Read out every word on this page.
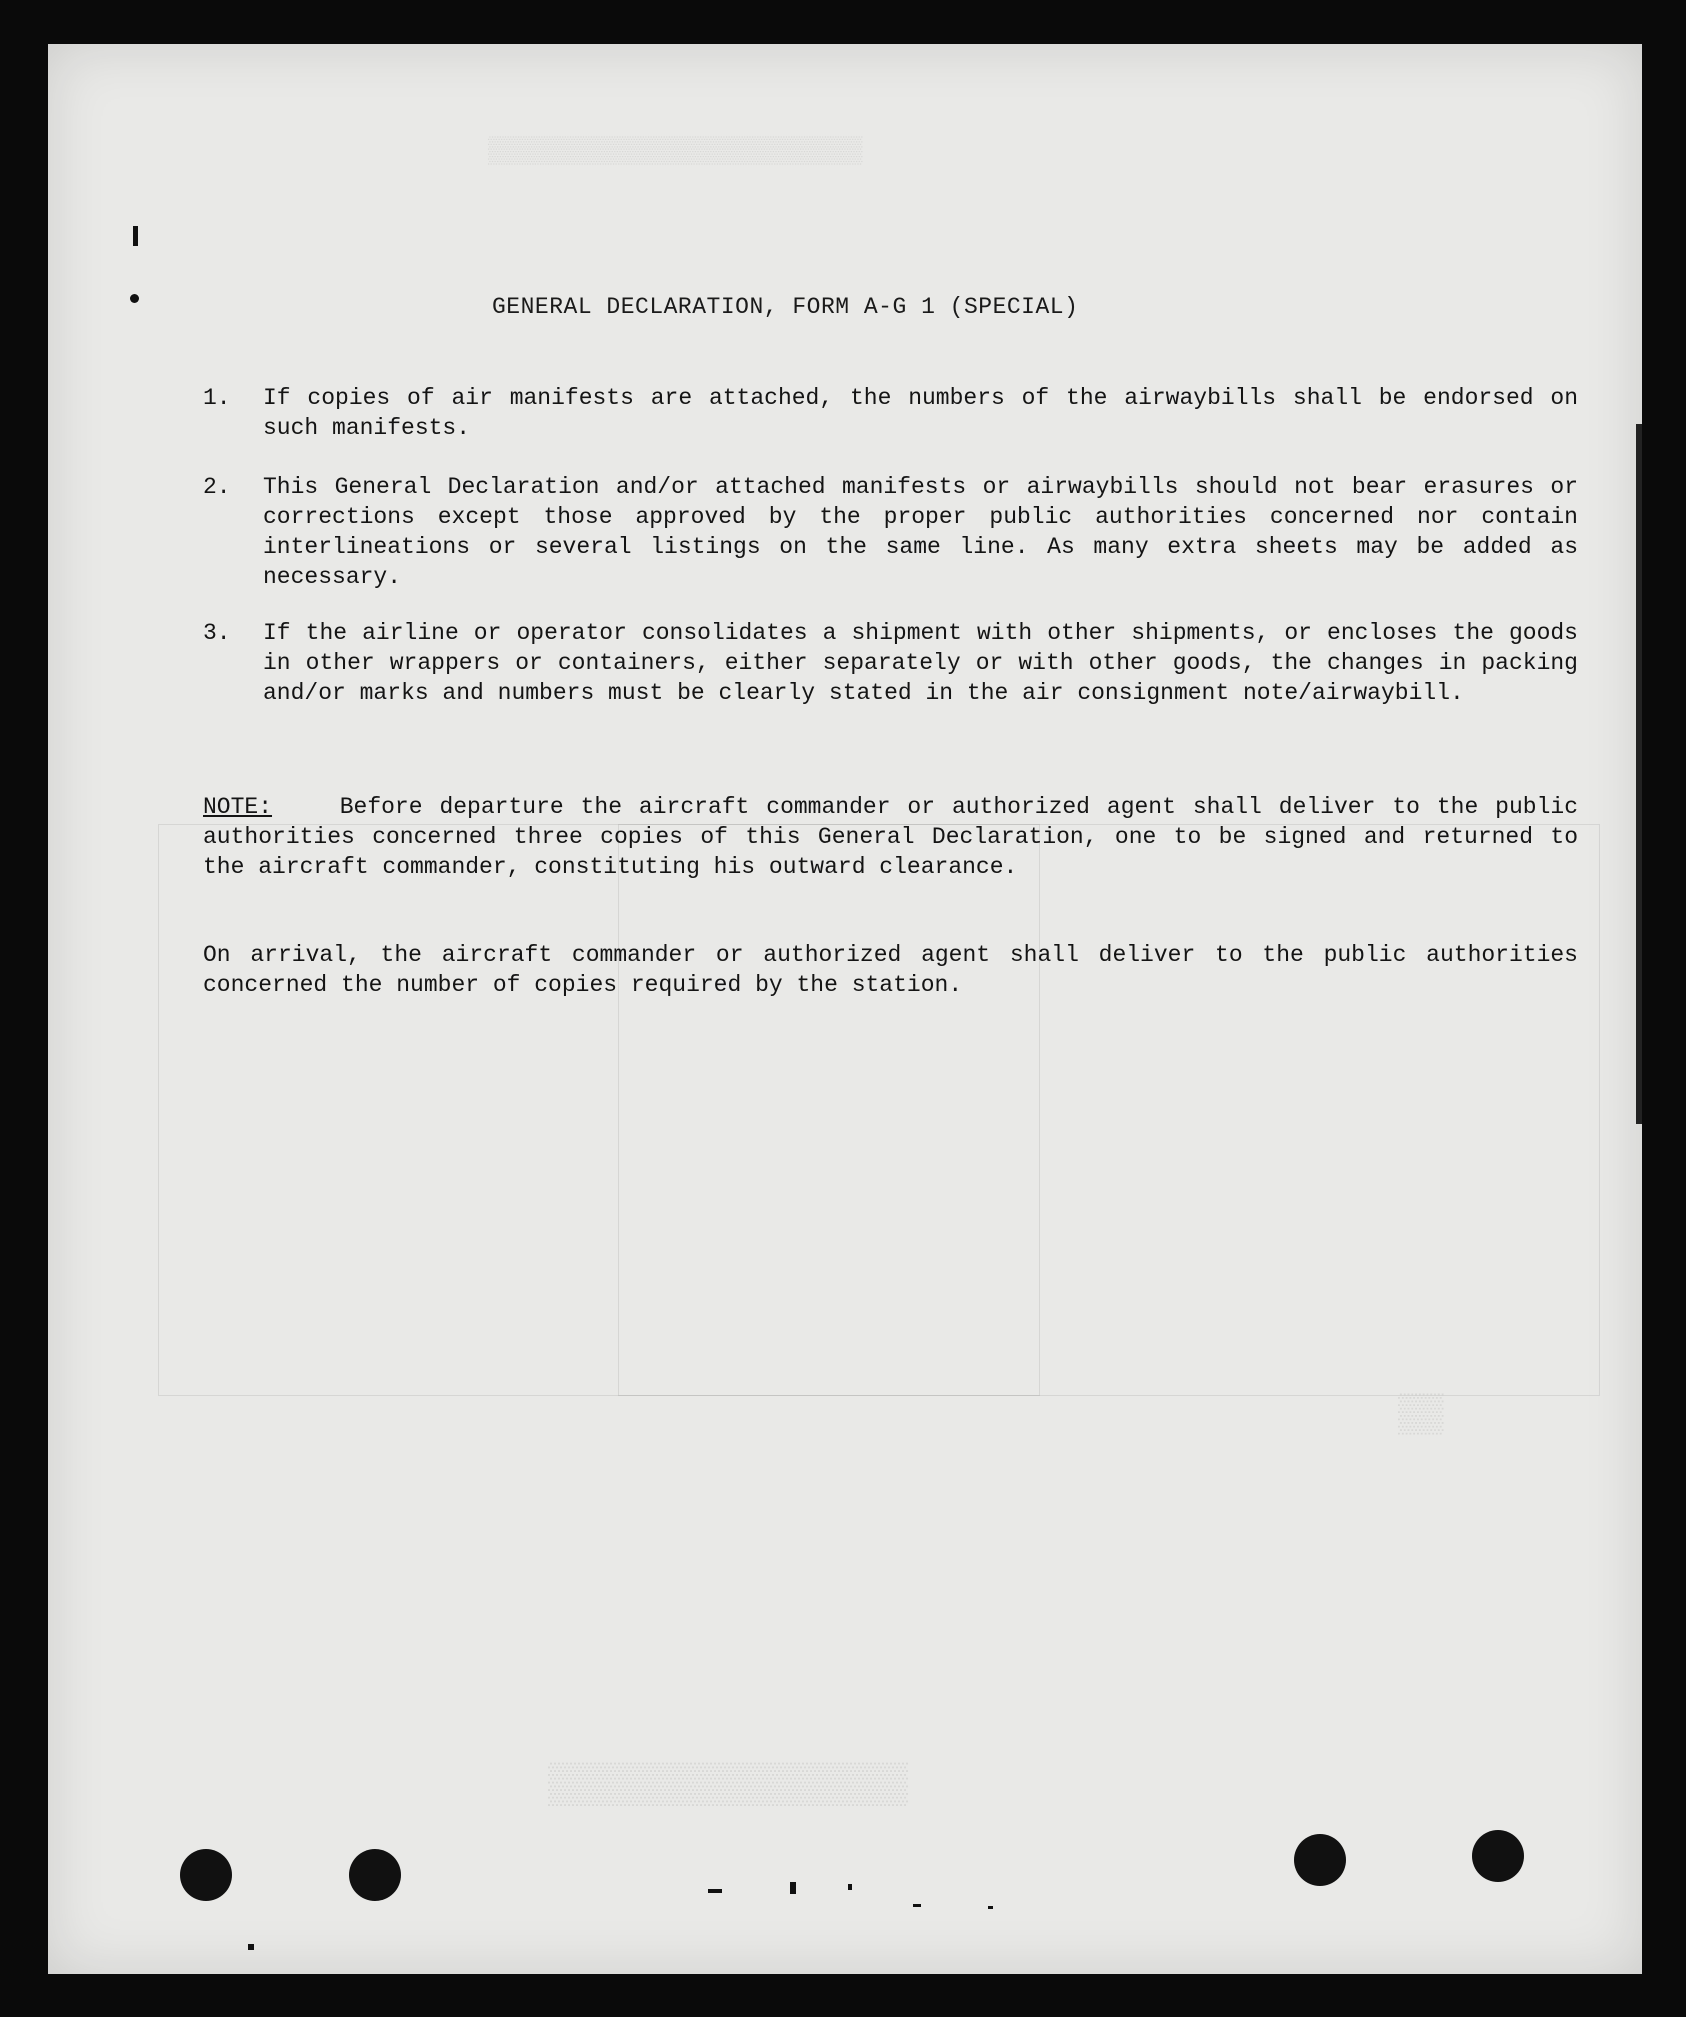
▒▒▒▒▒▒▒▒▒▒▒▒▒▒▒▒▒▒▒▒▒▒▒▒
▒▒
▒▒▒▒▒▒▒▒▒▒▒▒▒▒▒
GENERAL DECLARATION, FORM A-G 1 (SPECIAL)
1.	If copies of air manifests are attached, the numbers of the airwaybills shall be endorsed on such manifests.
2.	This General Declaration and/or attached manifests or airwaybills should not bear erasures or corrections except those approved by the proper public authorities concerned nor contain interlineations or several listings on the same line. As many extra sheets may be added as necessary.
3.	If the airline or operator consolidates a shipment with other shipments, or encloses the goods in other wrappers or containers, either separately or with other goods, the changes in packing and/or marks and numbers must be clearly stated in the air consignment note/airwaybill.
NOTE:	Before departure the aircraft commander or authorized agent shall deliver to the public authorities concerned three copies of this General Declaration, one to be signed and returned to the aircraft commander, constituting his outward clearance.
On arrival, the aircraft commander or authorized agent shall deliver to the public authorities concerned the number of copies required by the station.
